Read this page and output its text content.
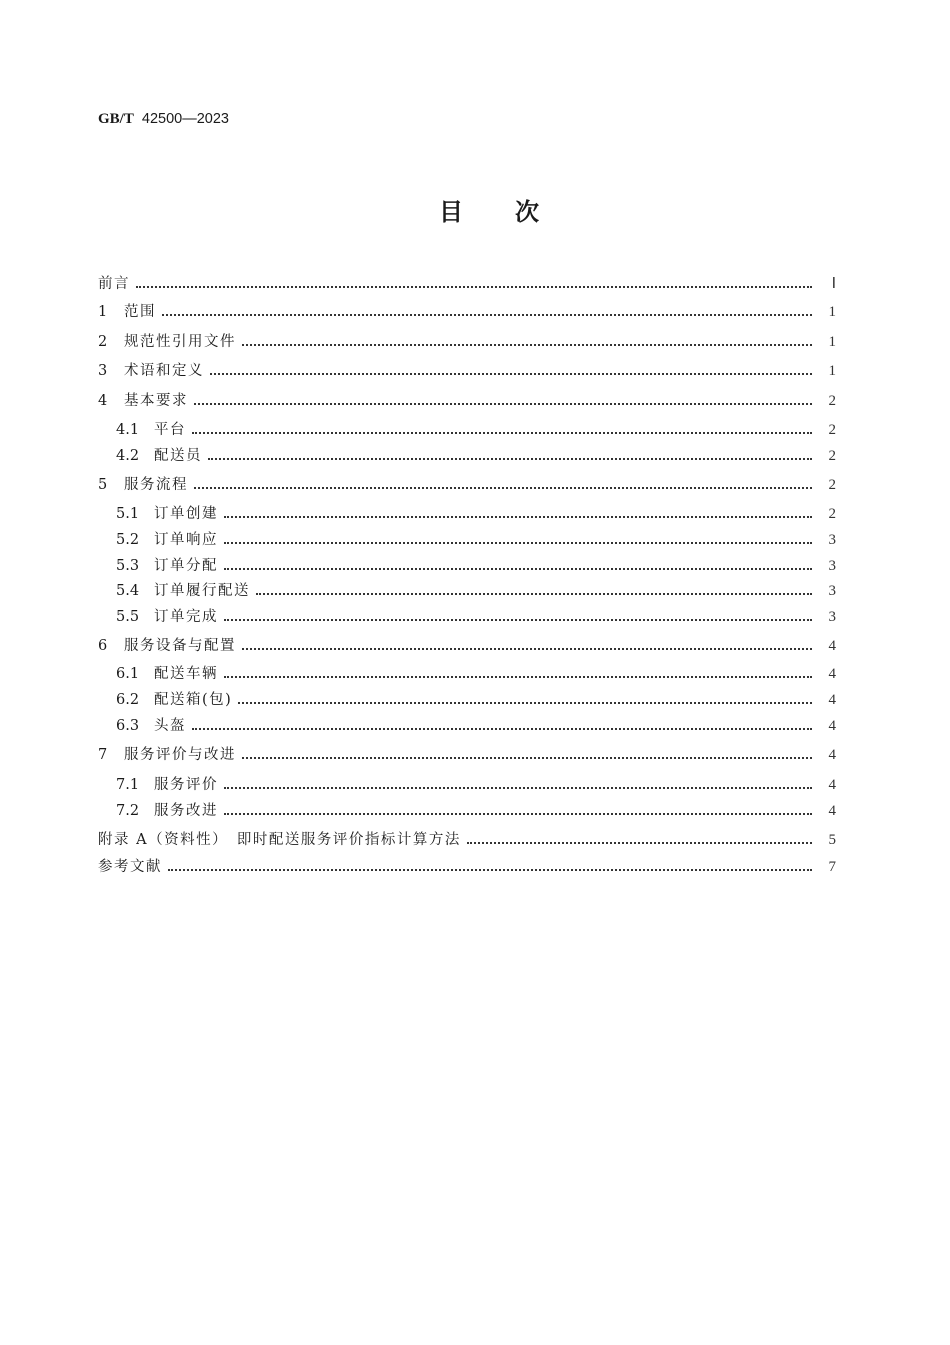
GB/T 42500—2023
目次
前言	Ⅰ
1	范围	1
2	规范性引用文件	1
3	术语和定义	1
4	基本要求	2
4.1	平台	2
4.2	配送员	2
5	服务流程	2
5.1	订单创建	2
5.2	订单响应	3
5.3	订单分配	3
5.4	订单履行配送	3
5.5	订单完成	3
6	服务设备与配置	4
6.1	配送车辆	4
6.2	配送箱(包)	4
6.3	头盔	4
7	服务评价与改进	4
7.1	服务评价	4
7.2	服务改进	4
附录 A（资料性）　即时配送服务评价指标计算方法	5
参考文献	7
